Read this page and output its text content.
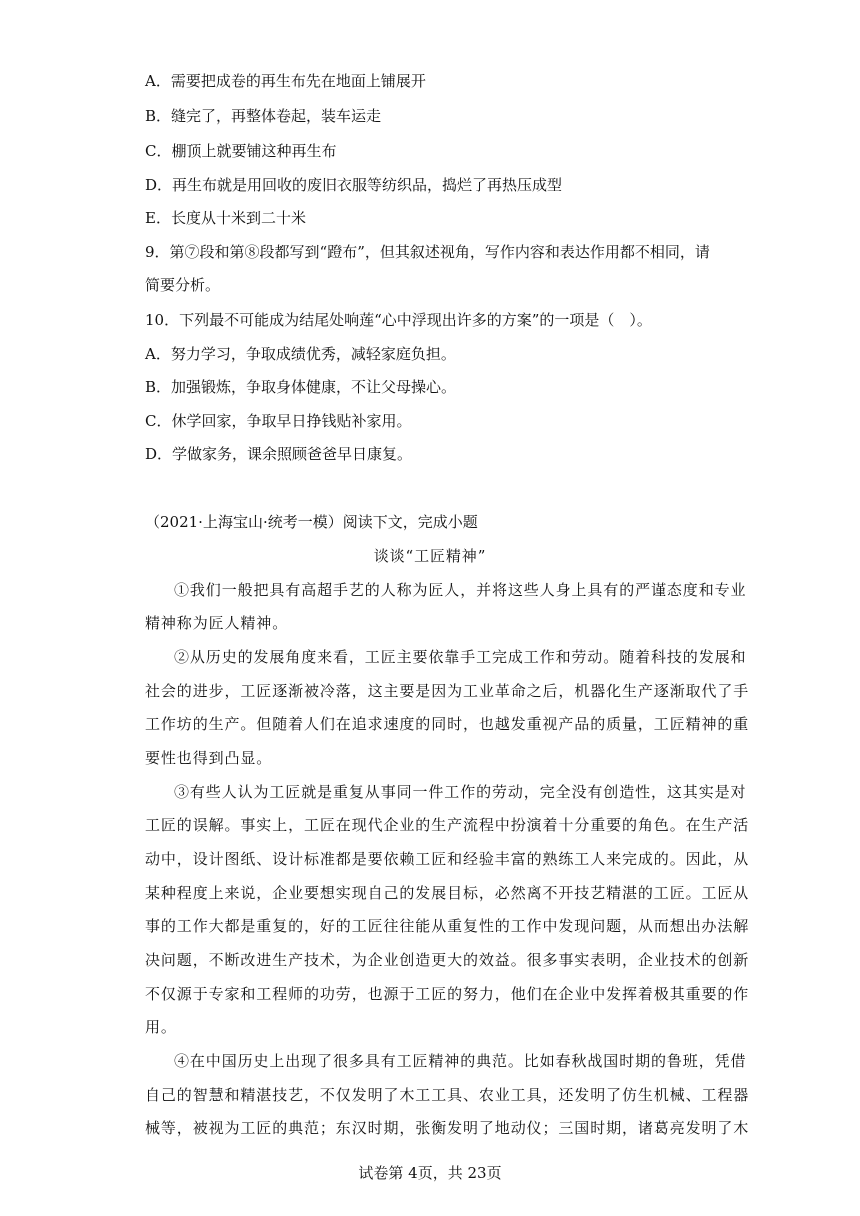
A．需要把成卷的再生布先在地面上铺展开
B．缝完了，再整体卷起，装车运走
C．棚顶上就要铺这种再生布
D．再生布就是用回收的废旧衣服等纺织品，捣烂了再热压成型
E．长度从十米到二十米
9．第⑦段和第⑧段都写到“蹬布”，但其叙述视角，写作内容和表达作用都不相同，请
简要分析。
10．下列最不可能成为结尾处响莲“心中浮现出许多的方案”的一项是（　）。
A．努力学习，争取成绩优秀，减轻家庭负担。
B．加强锻炼，争取身体健康，不让父母操心。
C．休学回家，争取早日挣钱贴补家用。
D．学做家务，课余照顾爸爸早日康复。
（2021·上海宝山·统考一模）阅读下文，完成小题
谈谈“工匠精神”
①我们一般把具有高超手艺的人称为匠人，并将这些人身上具有的严谨态度和专业
精神称为匠人精神。
②从历史的发展角度来看，工匠主要依靠手工完成工作和劳动。随着科技的发展和
社会的进步，工匠逐渐被冷落，这主要是因为工业革命之后，机器化生产逐渐取代了手
工作坊的生产。但随着人们在追求速度的同时，也越发重视产品的质量，工匠精神的重
要性也得到凸显。
③有些人认为工匠就是重复从事同一件工作的劳动，完全没有创造性，这其实是对
工匠的误解。事实上，工匠在现代企业的生产流程中扮演着十分重要的角色。在生产活
动中，设计图纸、设计标准都是要依赖工匠和经验丰富的熟练工人来完成的。因此，从
某种程度上来说，企业要想实现自己的发展目标，必然离不开技艺精湛的工匠。工匠从
事的工作大都是重复的，好的工匠往往能从重复性的工作中发现问题，从而想出办法解
决问题，不断改进生产技术，为企业创造更大的效益。很多事实表明，企业技术的创新
不仅源于专家和工程师的功劳，也源于工匠的努力，他们在企业中发挥着极其重要的作
用。
④在中国历史上出现了很多具有工匠精神的典范。比如春秋战国时期的鲁班，凭借
自己的智慧和精湛技艺，不仅发明了木工工具、农业工具，还发明了仿生机械、工程器
械等，被视为工匠的典范；东汉时期，张衡发明了地动仪；三国时期，诸葛亮发明了木
试卷第 4页，共 23页
